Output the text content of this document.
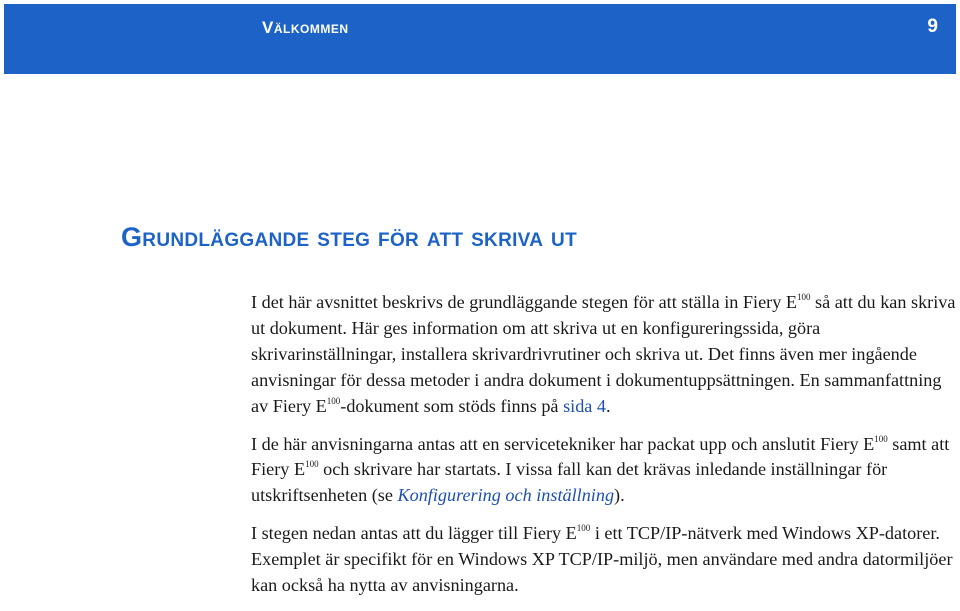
Välkommen	9
Grundläggande steg för att skriva ut

I det här avsnittet beskrivs de grundläggande stegen för att ställa in Fiery $E^{100}$ så att du kan skriva ut dokument. Här ges information om att skriva ut en konfigureringssida, göra skrivarinställningar, installera skrivardrivrutiner och skriva ut. Det finns även mer ingående anvisningar för dessa metoder i andra dokument i dokumentuppsättningen. En sammanfattning av Fiery $E^{100}$-dokument som stöds finns på sida 4.

I de här anvisningarna antas att en servicetekniker har packat upp och anslutit Fiery $E^{100}$ samt att Fiery $E^{100}$ och skrivare har startats. I vissa fall kan det krävas inledande inställningar för utskriftsenheten (se Konfigurering och inställning).

I stegen nedan antas att du lägger till Fiery $E^{100}$ i ett TCP/IP-nätverk med Windows XP-datorer. Exemplet är specifikt för en Windows XP TCP/IP-miljö, men användare med andra datormiljöer kan också ha nytta av anvisningarna.
